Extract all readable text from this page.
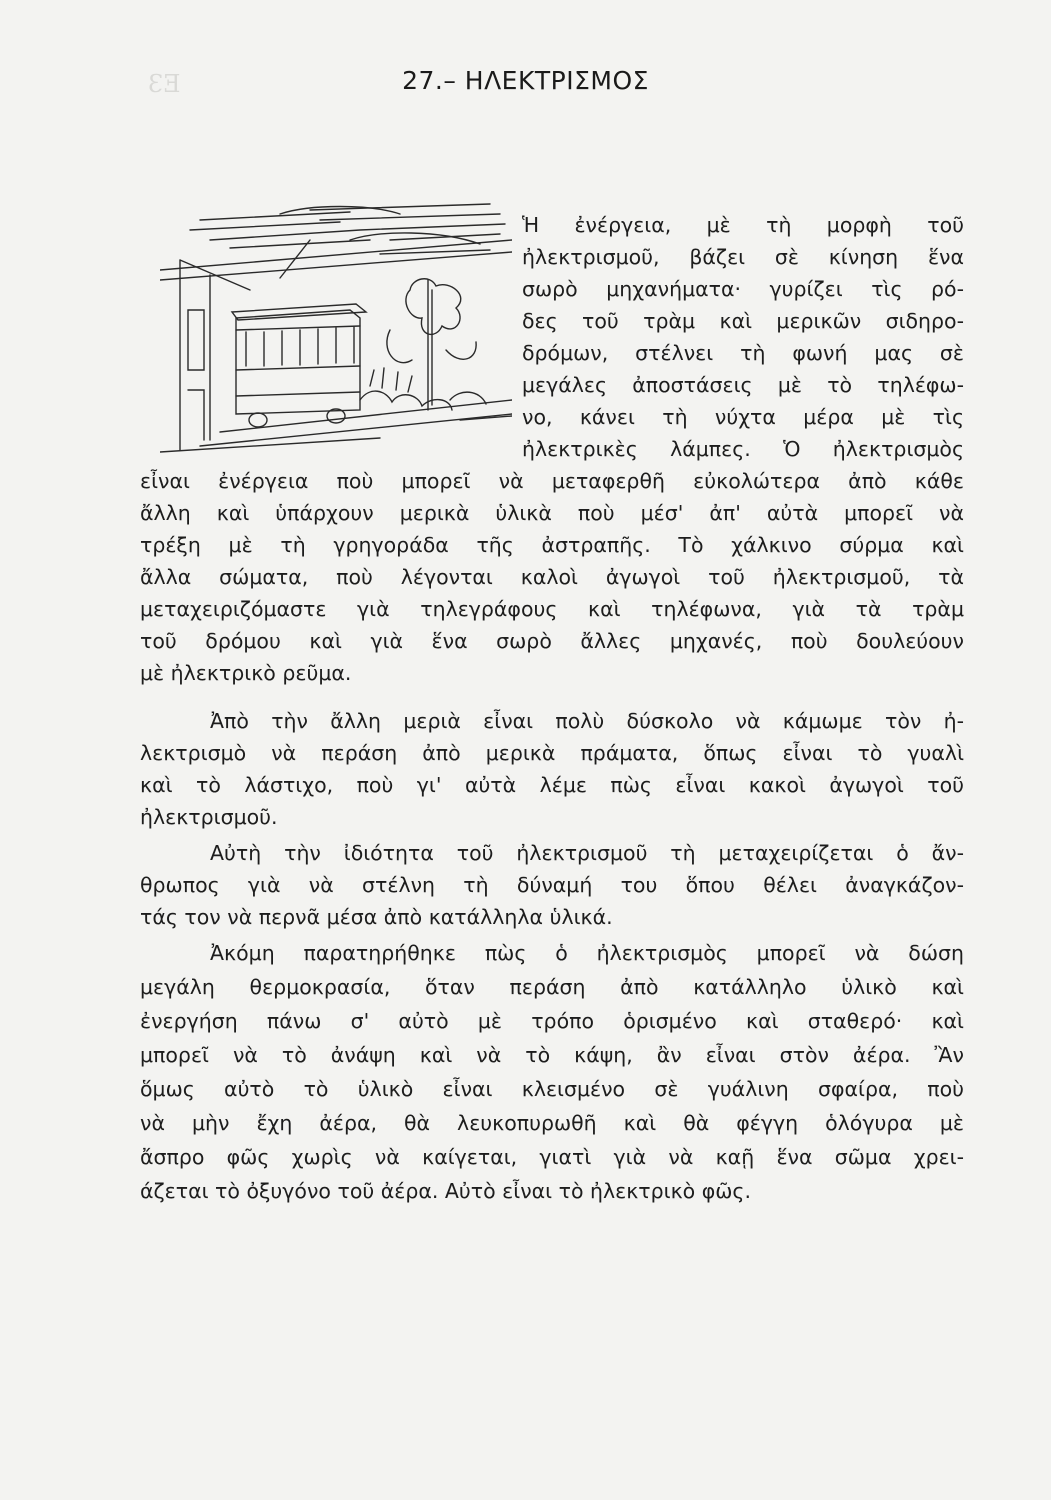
ЕЗ	27.– ΗΛΕΚΤΡΙΣΜΟΣ
Ἡ ἐνέργεια, μὲ τὴ μορφὴ τοῦ
ἠλεκτρισμοῦ, βάζει σὲ κίνηση ἕνα
σωρὸ μηχανήματα· γυρίζει τὶς ρό-
δες τοῦ τρὰμ καὶ μερικῶν σιδηρο-
δρόμων, στέλνει τὴ φωνή μας σὲ
μεγάλες ἀποστάσεις μὲ τὸ τηλέφω-
νο, κάνει τὴ νύχτα μέρα μὲ τὶς
ἠλεκτρικὲς λάμπες. Ὁ ἠλεκτρισμὸς
εἶναι ἐνέργεια ποὺ μπορεῖ νὰ μεταφερθῆ εὐκολώτερα ἀπὸ κάθε
ἄλλη καὶ ὑπάρχουν μερικὰ ὑλικὰ ποὺ μέσ' ἀπ' αὐτὰ μπορεῖ νὰ
τρέξη μὲ τὴ γρηγοράδα τῆς ἀστραπῆς. Τὸ χάλκινο σύρμα καὶ
ἄλλα σώματα, ποὺ λέγονται καλοὶ ἀγωγοὶ τοῦ ἠλεκτρισμοῦ, τὰ
μεταχειριζόμαστε γιὰ τηλεγράφους καὶ τηλέφωνα, γιὰ τὰ τρὰμ
τοῦ δρόμου καὶ γιὰ ἕνα σωρὸ ἄλλες μηχανές, ποὺ δουλεύουν
μὲ ἠλεκτρικὸ ρεῦμα.
Ἀπὸ τὴν ἄλλη μεριὰ εἶναι πολὺ δύσκολο νὰ κάμωμε τὸν ἠ-
λεκτρισμὸ νὰ περάση ἀπὸ μερικὰ πράματα, ὅπως εἶναι τὸ γυαλὶ
καὶ τὸ λάστιχο, ποὺ γι' αὐτὰ λέμε πὼς εἶναι κακοὶ ἀγωγοὶ τοῦ
ἠλεκτρισμοῦ.
Αὐτὴ τὴν ἰδιότητα τοῦ ἠλεκτρισμοῦ τὴ μεταχειρίζεται ὁ ἄν-
θρωπος γιὰ νὰ στέλνη τὴ δύναμή του ὅπου θέλει ἀναγκάζον-
τάς τον νὰ περνᾶ μέσα ἀπὸ κατάλληλα ὑλικά.
Ἀκόμη παρατηρήθηκε πὼς ὁ ἠλεκτρισμὸς μπορεῖ νὰ δώση
μεγάλη θερμοκρασία, ὅταν περάση ἀπὸ κατάλληλο ὑλικὸ καὶ
ἐνεργήση πάνω σ' αὐτὸ μὲ τρόπο ὁρισμένο καὶ σταθερό· καὶ
μπορεῖ νὰ τὸ ἀνάψη καὶ νὰ τὸ κάψη, ἂν εἶναι στὸν ἀέρα. Ἂν
ὅμως αὐτὸ τὸ ὑλικὸ εἶναι κλεισμένο σὲ γυάλινη σφαίρα, ποὺ
νὰ μὴν ἔχη ἀέρα, θὰ λευκοπυρωθῆ καὶ θὰ φέγγη ὁλόγυρα μὲ
ἄσπρο φῶς χωρὶς νὰ καίγεται, γιατὶ γιὰ νὰ καῇ ἕνα σῶμα χρει-
άζεται τὸ ὀξυγόνο τοῦ ἀέρα. Αὐτὸ εἶναι τὸ ἠλεκτρικὸ φῶς.
